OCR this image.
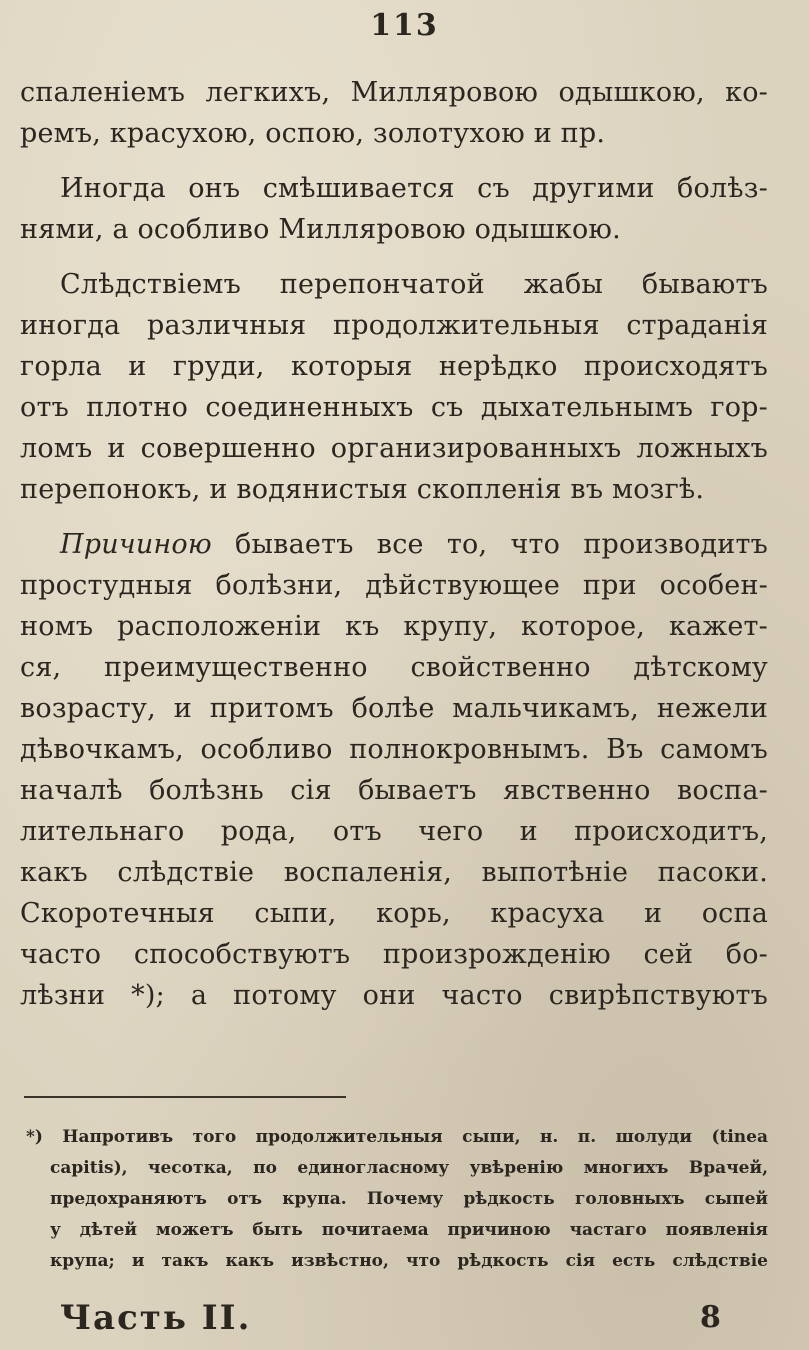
113
спаленіемъ легкихъ, Милляровою одышкою, ко-
ремъ, красухою, оспою, золотухою и пр.
Иногда онъ смѣшивается съ другими болѣз-
нями, а особливо Милляровою одышкою.
Слѣдствіемъ перепончатой жабы бываютъ
иногда различныя продолжительныя страданія
горла и груди, которыя нерѣдко происходятъ
отъ плотно соединенныхъ съ дыхательнымъ гор-
ломъ и совершенно организированныхъ ложныхъ
перепонокъ, и водянистыя скопленія въ мозгѣ.
Причиною бываетъ все то, что производитъ
простудныя болѣзни, дѣйствующее при особен-
номъ расположеніи къ крупу, которое, кажет-
ся, преимущественно свойственно дѣтскому
возрасту, и притомъ болѣе мальчикамъ, нежели
дѣвочкамъ, особливо полнокровнымъ. Въ самомъ
началѣ болѣзнь сія бываетъ явственно воспа-
лительнаго рода, отъ чего и происходитъ,
какъ слѣдствіе воспаленія, выпотѣніе пасоки.
Скоротечныя сыпи, корь, красуха и оспа
часто способствуютъ произрожденію сей бо-
лѣзни *); а потому они часто свирѣпствуютъ
*) Напротивъ того продолжительныя сыпи, н. п. шолуди (tinea
capitis), чесотка, по единогласному увѣренію многихъ Врачей,
предохраняютъ отъ крупа. Почему рѣдкость головныхъ сыпей
у дѣтей можетъ быть почитаема причиною частаго появленія
крупа; и такъ какъ извѣстно, что рѣдкость сія есть слѣдствіе
Часть II.	8
